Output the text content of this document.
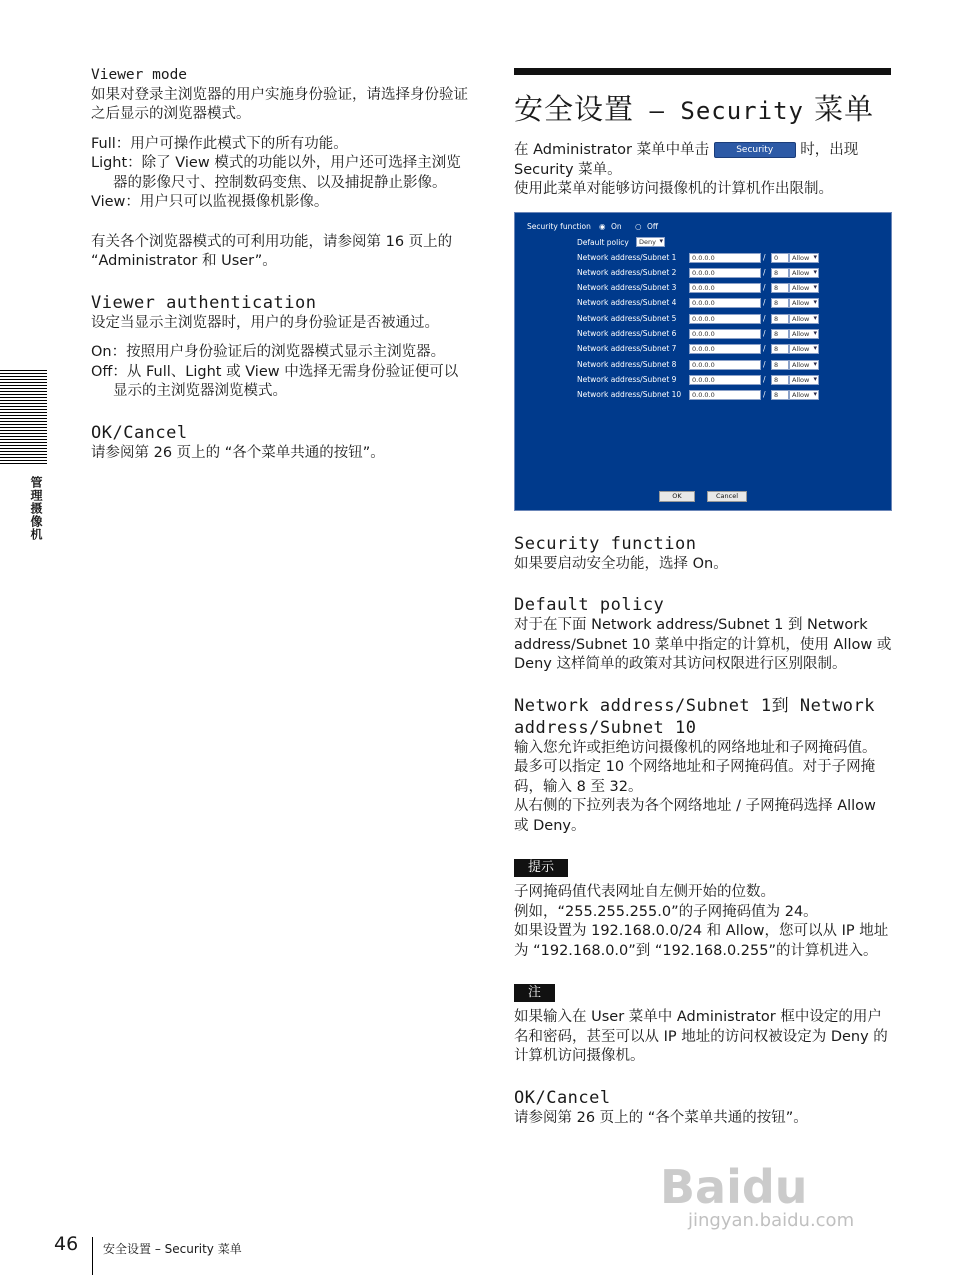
Viewer mode

如果对登录主浏览器的用户实施身份验证，请选择身份验证之后显示的浏览器模式。

Full：用户可操作此模式下的所有功能。

Light：除了 View 模式的功能以外，用户还可选择主浏览器的影像尺寸、控制数码变焦、以及捕捉静止影像。

View：用户只可以监视摄像机影像。

有关各个浏览器模式的可利用功能，请参阅第 16 页上的 “Administrator 和 User”。

Viewer authentication

设定当显示主浏览器时，用户的身份验证是否被通过。

On：按照用户身份验证后的浏览器模式显示主浏览器。

Off：从 Full、Light 或 View 中选择无需身份验证便可以显示的主浏览器浏览模式。

OK/Cancel

请参阅第 26 页上的 “各个菜单共通的按钮”。

安全设置 – Security 菜单

在 Administrator 菜单中单击	Security 时，出现 Security 菜单。

使用此菜单对能够访问摄像机的计算机作出限制。

Security function ◉ On ○ Off
Default policy	Deny ▾
Network address/Subnet 1	0.0.0.0	/	0	Allow ▾
Network address/Subnet 2	0.0.0.0	/	8	Allow ▾
Network address/Subnet 3	0.0.0.0	/	8	Allow ▾
Network address/Subnet 4	0.0.0.0	/	8	Allow ▾
Network address/Subnet 5	0.0.0.0	/	8	Allow ▾
Network address/Subnet 6	0.0.0.0	/	8	Allow ▾
Network address/Subnet 7	0.0.0.0	/	8	Allow ▾
Network address/Subnet 8	0.0.0.0	/	8	Allow ▾
Network address/Subnet 9	0.0.0.0	/	8	Allow ▾
Network address/Subnet 10	0.0.0.0	/	8	Allow ▾
OK	Cancel

Security function

如果要启动安全功能，选择 On。

Default policy

对于在下面 Network address/Subnet 1 到 Network address/Subnet 10 菜单中指定的计算机，使用 Allow 或 Deny 这样简单的政策对其访问权限进行区别限制。

Network address/Subnet 1到 Network

address/Subnet 10

输入您允许或拒绝访问摄像机的网络地址和子网掩码值。

最多可以指定 10 个网络地址和子网掩码值。对于子网掩码，输入 8 至 32。

从右侧的下拉列表为各个网络地址 / 子网掩码选择 Allow 或 Deny。

提示

子网掩码值代表网址自左侧开始的位数。

例如，“255.255.255.0”的子网掩码值为 24。

如果设置为 192.168.0.0/24 和 Allow，您可以从 IP 地址为 “192.168.0.0”到 “192.168.0.255”的计算机进入。

注

如果输入在 User 菜单中 Administrator 框中设定的用户名和密码，甚至可以从 IP 地址的访问权被设定为 Deny 的计算机访问摄像机。

OK/Cancel

请参阅第 26 页上的 “各个菜单共通的按钮”。

管理摄像机
46 安全设置 – Security 菜单
Baidu
jingyan.baidu.com
